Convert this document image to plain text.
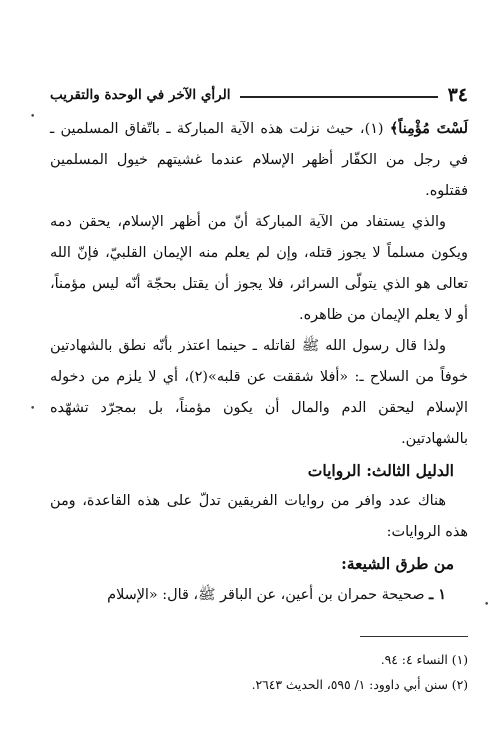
٣٤
الرأي الآخر في الوحدة والتقريب

لَسْتَ مُؤْمِناً﴾ (١)، حيث نزلت هذه الآية المباركة ـ باتّفاق المسلمين ـ في رجل من الكفّار أظهر الإسلام عندما غشيتهم خيول المسلمين فقتلوه.

والذي يستفاد من الآية المباركة أنّ من أظهر الإسلام، يحقن دمه ويكون مسلماً لا يجوز قتله، وإن لم يعلم منه الإيمان القلبيّ، فإنّ الله تعالى هو الذي يتولّى السرائر، فلا يجوز أن يقتل بحجّة أنّه ليس مؤمناً، أو لا يعلم الإيمان من ظاهره.

ولذا قال رسول الله ﷺ لقاتله ـ حينما اعتذر بأنّه نطق بالشهادتين خوفاً من السلاح ـ: «أفلا شققت عن قلبه»(٢)، أي لا يلزم من دخوله الإسلام ليحقن الدم والمال أن يكون مؤمناً، بل بمجرّد تشهّده بالشهادتين.

الدليل الثالث: الروايات

هناك عدد وافر من روايات الفريقين تدلّ على هذه القاعدة، ومن هذه الروايات:

من طرق الشيعة:

١ ـ صحيحة حمران بن أعين، عن الباقر ﷺ، قال: «الإسلام

(١) النساء ٤: ٩٤.
(٢) سنن أبي داوود: ١/ ٥٩٥، الحديث ٢٦٤٣.
•
•
•
